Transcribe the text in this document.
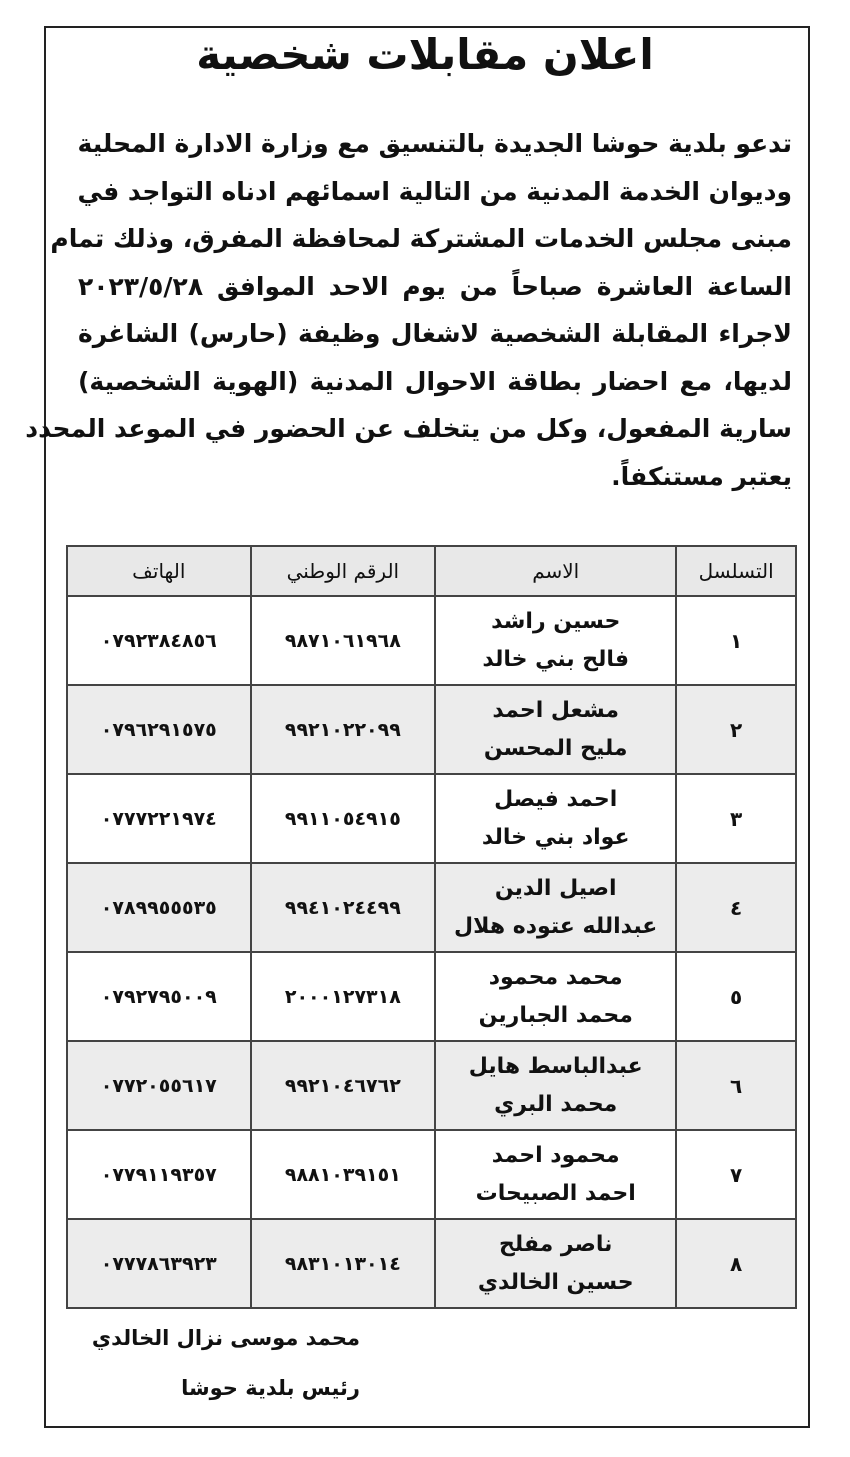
اعلان مقابلات شخصية
تدعو بلدية حوشا الجديدة بالتنسيق مع وزارة الادارة المحلية
وديوان الخدمة المدنية من التالية اسمائهم ادناه التواجد في
مبنى مجلس الخدمات المشتركة لمحافظة المفرق، وذلك تمام
الساعة العاشرة صباحاً من يوم الاحد الموافق ٢٠٢٣/٥/٢٨
لاجراء المقابلة الشخصية لاشغال وظيفة (حارس) الشاغرة
لديها، مع احضار بطاقة الاحوال المدنية (الهوية الشخصية)
سارية المفعول، وكل من يتخلف عن الحضور في الموعد المحدد
يعتبر مستنكفاً.
التسلسل	الاسم	الرقم الوطني	الهاتف
١	حسين راشد
فالح بني خالد	٩٨٧١٠٦١٩٦٨	٠٧٩٢٣٨٤٨٥٦
٢	مشعل احمد
مليح المحسن	٩٩٢١٠٢٢٠٩٩	٠٧٩٦٢٩١٥٧٥
٣	احمد فيصل
عواد بني خالد	٩٩١١٠٥٤٩١٥	٠٧٧٧٢٢١٩٧٤
٤	اصيل الدين
عبدالله عتوده هلال	٩٩٤١٠٢٤٤٩٩	٠٧٨٩٩٥٥٥٣٥
٥	محمد محمود
محمد الجبارين	٢٠٠٠١٢٧٣١٨	٠٧٩٢٧٩٥٠٠٩
٦	عبدالباسط هايل
محمد البري	٩٩٢١٠٤٦٧٦٢	٠٧٧٢٠٥٥٦١٧
٧	محمود احمد
احمد الصبيحات	٩٨٨١٠٣٩١٥١	٠٧٧٩١١٩٣٥٧
٨	ناصر مفلح
حسين الخالدي	٩٨٣١٠١٣٠١٤	٠٧٧٧٨٦٣٩٢٣
محمد موسى نزال الخالدي
رئيس بلدية حوشا
